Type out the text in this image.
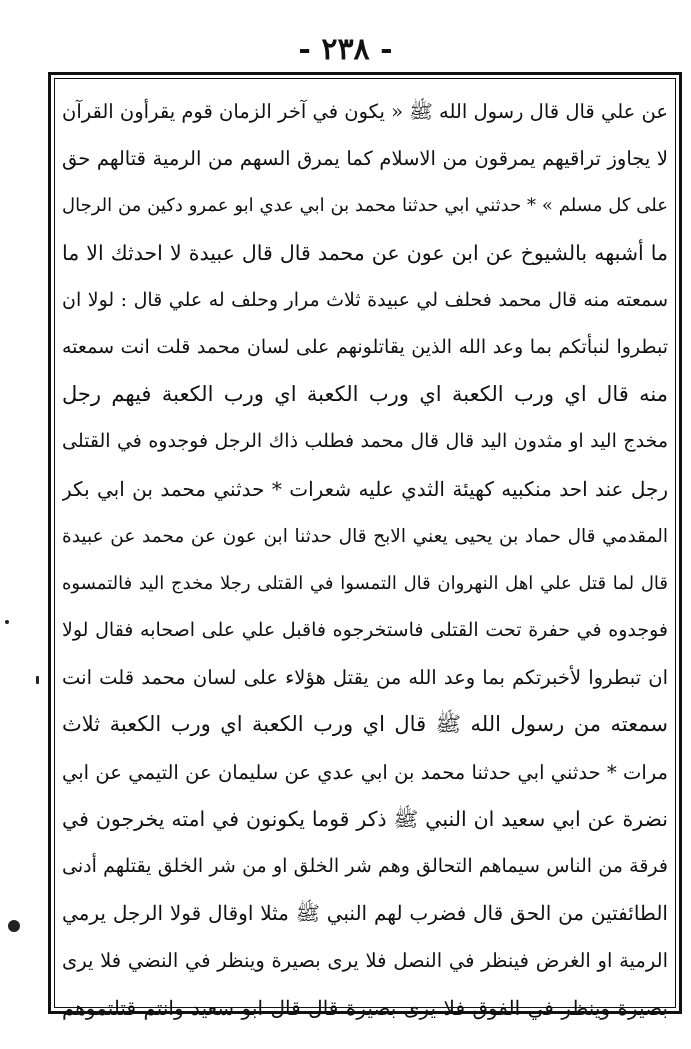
- ٢٣٨ -
عن علي قال قال رسول الله ﷺ « يكون في آخر الزمان قوم يقرأون القرآن
لا يجاوز تراقيهم يمرقون من الاسلام كما يمرق السهم من الرمية قتالهم حق
على كل مسلم » * حدثني ابي حدثنا محمد بن ابي عدي ابو عمرو دكين من الرجال
ما أشبهه بالشيوخ عن ابن عون عن محمد قال قال عبيدة لا احدثك الا ما
سمعته منه قال محمد فحلف لي عبيدة ثلاث مرار وحلف له علي قال : لولا ان
تبطروا لنبأتكم بما وعد الله الذين يقاتلونهم على لسان محمد قلت انت سمعته
منه قال اي ورب الكعبة اي ورب الكعبة اي ورب الكعبة فيهم رجل
مخدج اليد او مثدون اليد قال قال محمد فطلب ذاك الرجل فوجدوه في القتلى
رجل عند احد منكبيه كهيئة الثدي عليه شعرات * حدثني محمد بن ابي بكر
المقدمي قال حماد بن يحيى يعني الابح قال حدثنا ابن عون عن محمد عن عبيدة
قال لما قتل علي اهل النهروان قال التمسوا في القتلى رجلا مخدج اليد فالتمسوه
فوجدوه في حفرة تحت القتلى فاستخرجوه فاقبل علي على اصحابه فقال لولا
ان تبطروا لأخبرتكم بما وعد الله من يقتل هؤلاء على لسان محمد قلت انت
سمعته من رسول الله ﷺ قال اي ورب الكعبة اي ورب الكعبة ثلاث
مرات * حدثني ابي حدثنا محمد بن ابي عدي عن سليمان عن التيمي عن ابي
نضرة عن ابي سعيد ان النبي ﷺ ذكر قوما يكونون في امته يخرجون في
فرقة من الناس سيماهم التحالق وهم شر الخلق او من شر الخلق يقتلهم أدنى
الطائفتين من الحق قال فضرب لهم النبي ﷺ مثلا اوقال قولا الرجل يرمي
الرمية او الغرض فينظر في النصل فلا يرى بصيرة وينظر في النضي فلا يرى
بصيرة وينظر في الفوق فلا يرى بصيرة قال قال ابو سعيد وانتم قتلتموهم
